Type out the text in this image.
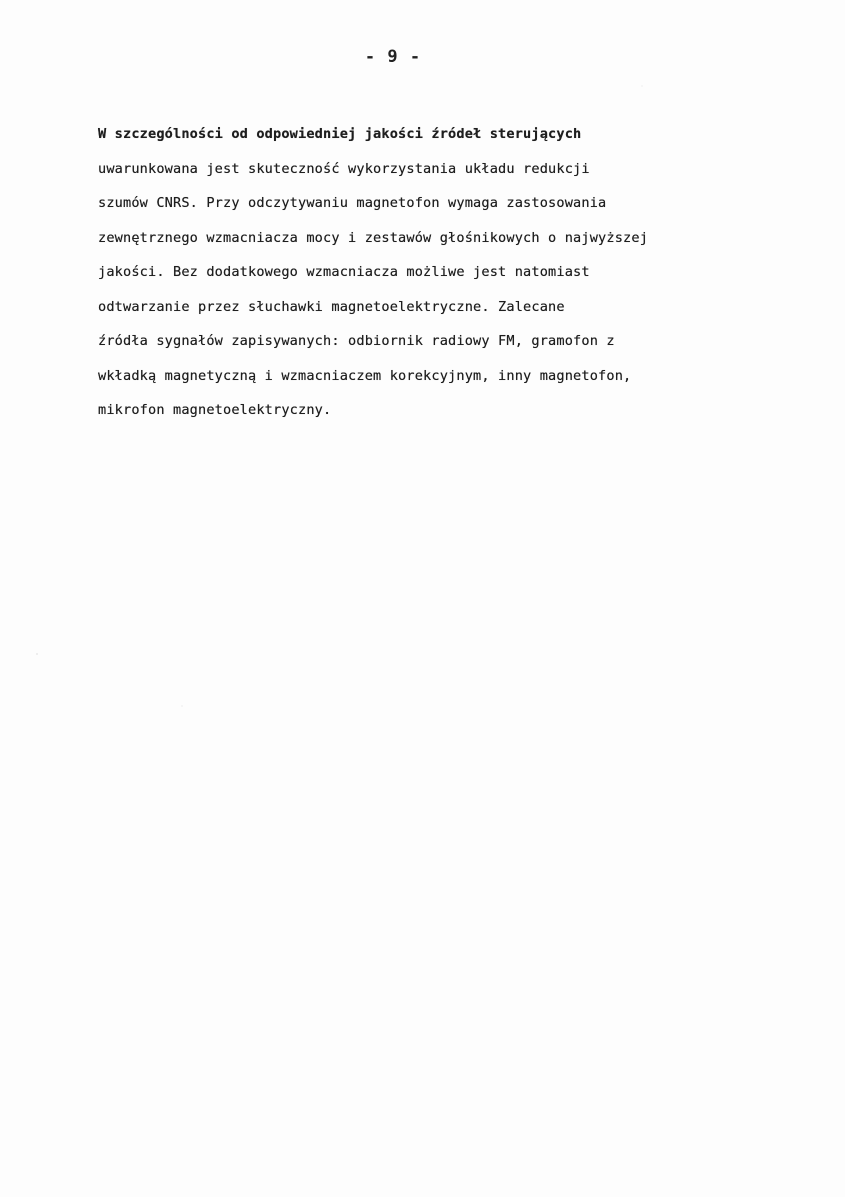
- 9 -
W szczególności od odpowiedniej jakości źródeł sterujących
uwarunkowana jest skuteczność wykorzystania układu redukcji
szumów CNRS. Przy odczytywaniu magnetofon wymaga zastosowania
zewnętrznego wzmacniacza mocy i zestawów głośnikowych o najwyższej
jakości. Bez dodatkowego wzmacniacza możliwe jest natomiast
odtwarzanie przez słuchawki magnetoelektryczne. Zalecane
źródła sygnałów zapisywanych: odbiornik radiowy FM, gramofon z
wkładką magnetyczną i wzmacniaczem korekcyjnym, inny magnetofon,
mikrofon magnetoelektryczny.
